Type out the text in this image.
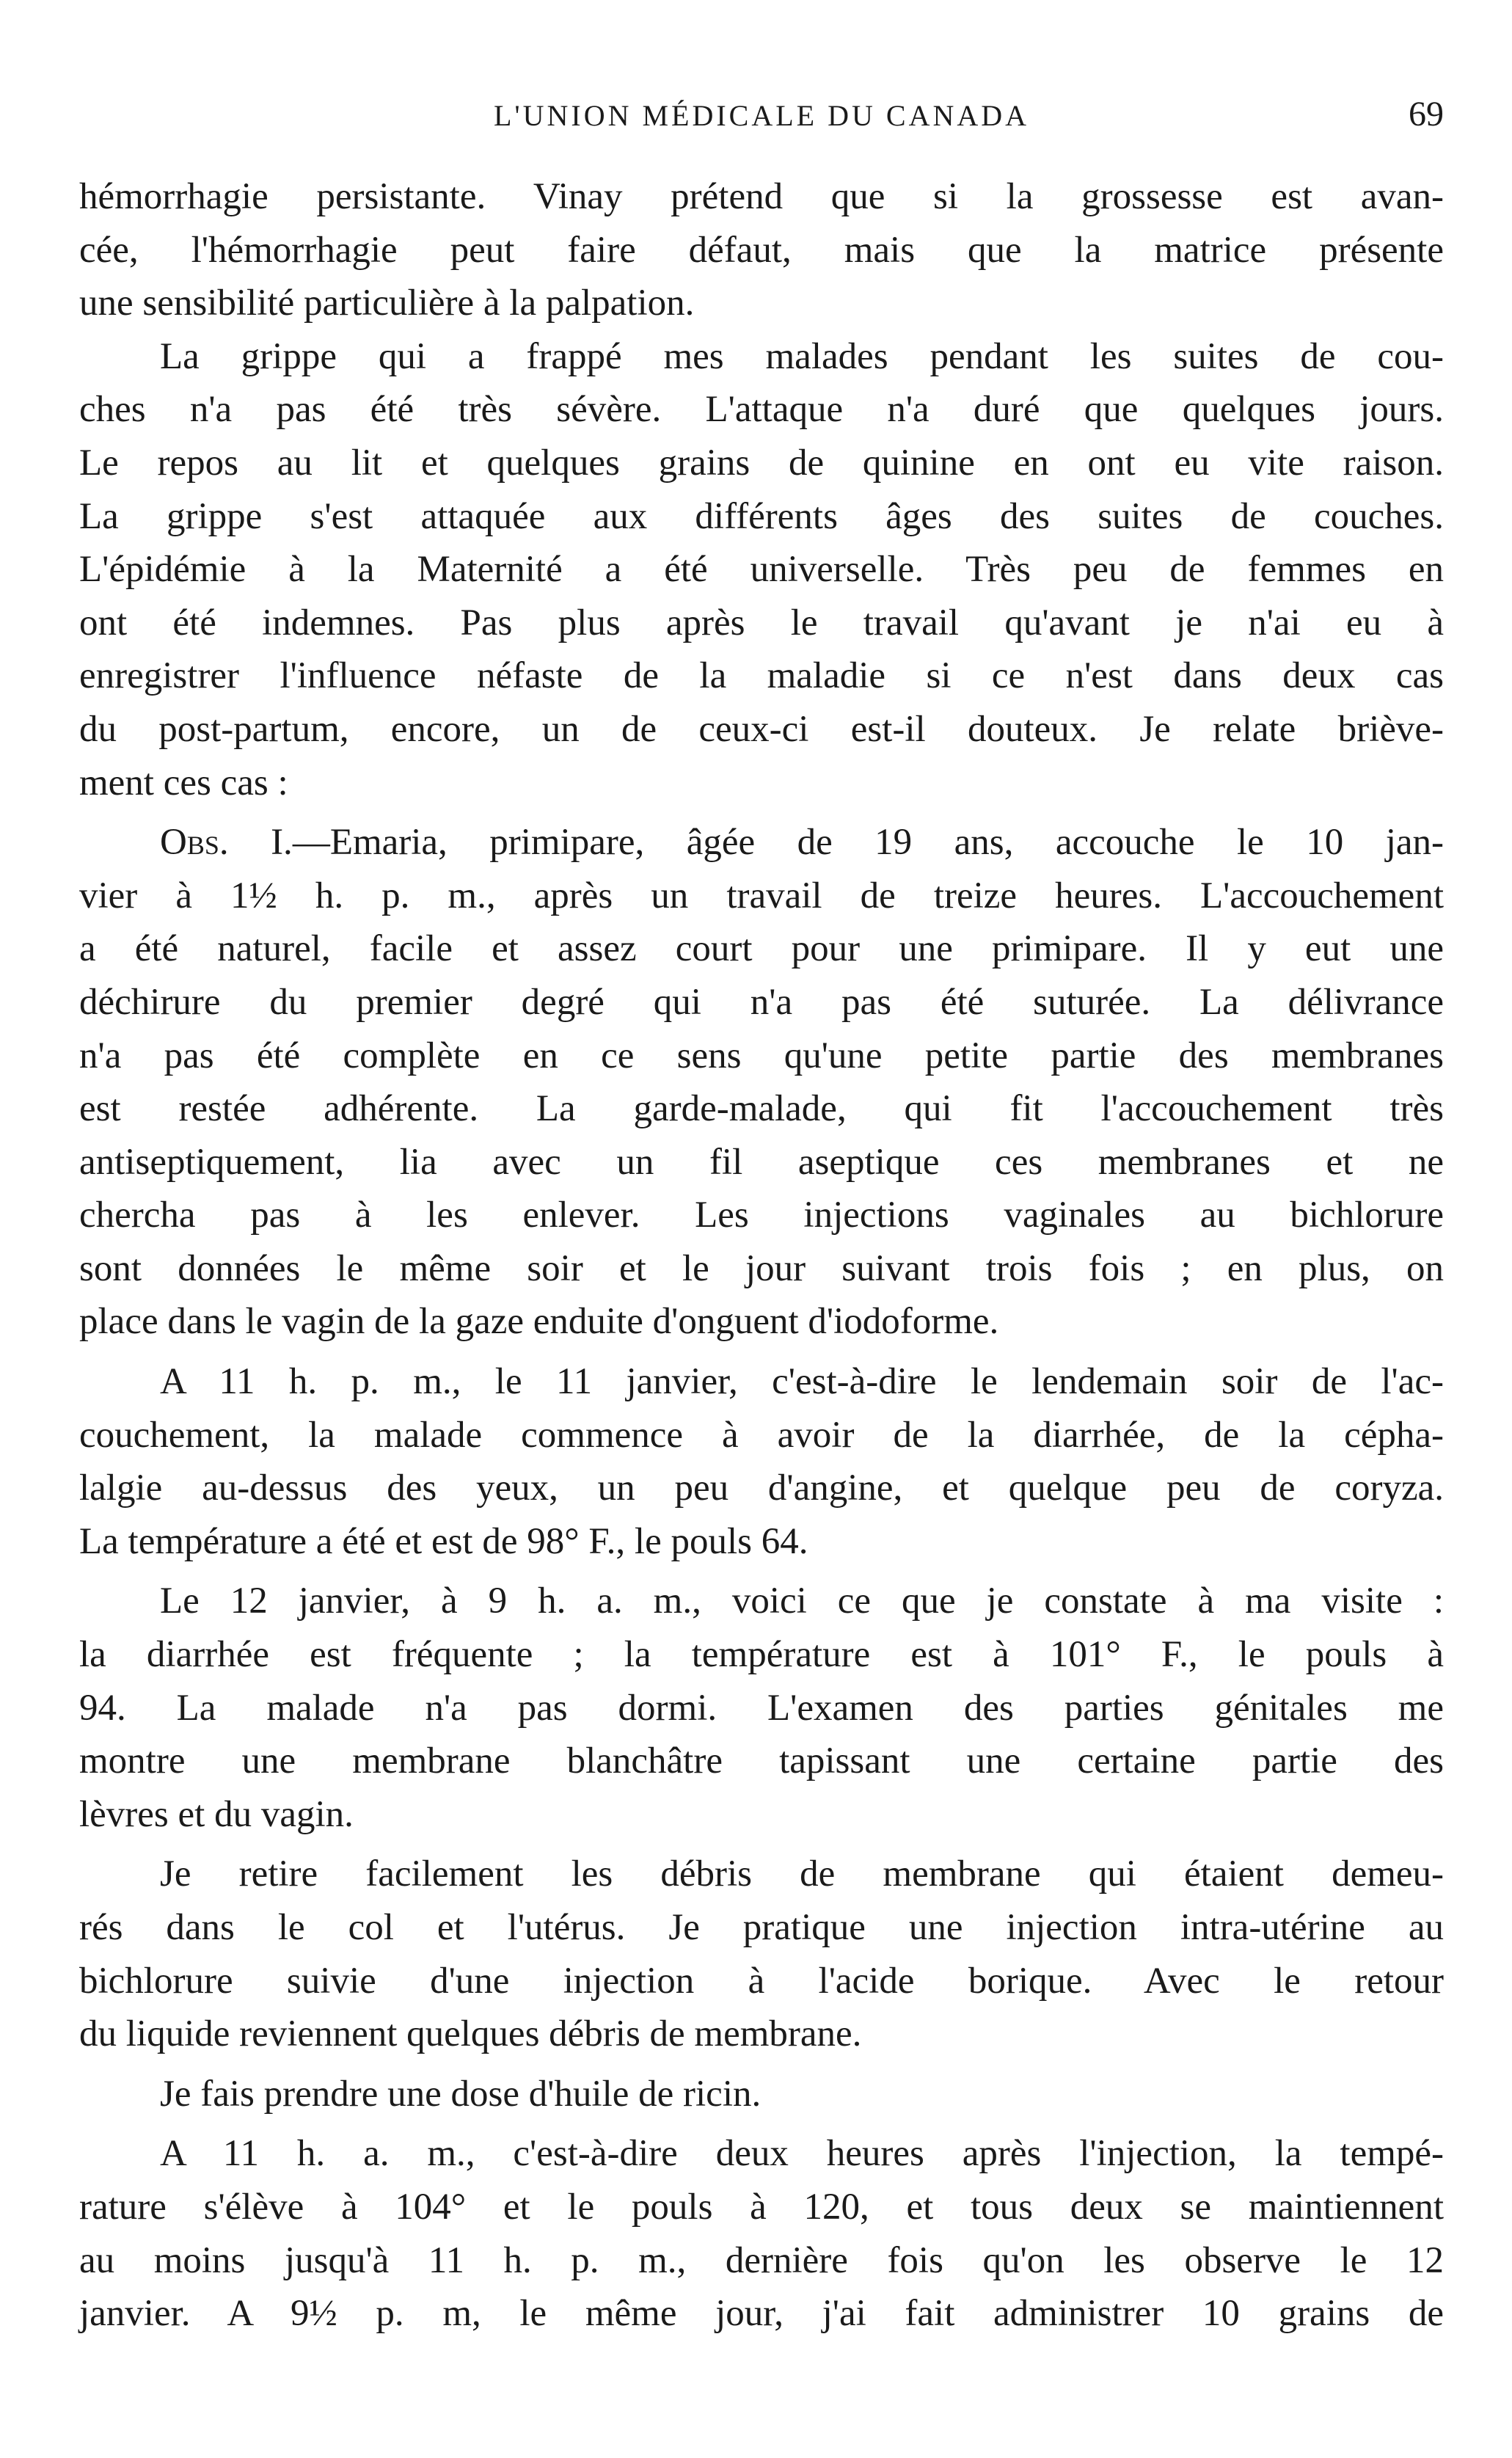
L'UNION MÉDICALE DU CANADA	69
hémorrhagie persistante. Vinay prétend que si la grossesse est avan-
cée, l'hémorrhagie peut faire défaut, mais que la matrice présente
une sensibilité particulière à la palpation.
La grippe qui a frappé mes malades pendant les suites de cou-
ches n'a pas été très sévère. L'attaque n'a duré que quelques jours.
Le repos au lit et quelques grains de quinine en ont eu vite raison.
La grippe s'est attaquée aux différents âges des suites de couches.
L'épidémie à la Maternité a été universelle. Très peu de femmes en
ont été indemnes. Pas plus après le travail qu'avant je n'ai eu à
enregistrer l'influence néfaste de la maladie si ce n'est dans deux cas
du post-partum, encore, un de ceux-ci est-il douteux. Je relate briève-
ment ces cas :
Obs. I.—Emaria, primipare, âgée de 19 ans, accouche le 10 jan-
vier à 1½ h. p. m., après un travail de treize heures. L'accouchement
a été naturel, facile et assez court pour une primipare. Il y eut une
déchirure du premier degré qui n'a pas été suturée. La délivrance
n'a pas été complète en ce sens qu'une petite partie des membranes
est restée adhérente. La garde-malade, qui fit l'accouchement très
antiseptiquement, lia avec un fil aseptique ces membranes et ne
chercha pas à les enlever. Les injections vaginales au bichlorure
sont données le même soir et le jour suivant trois fois ; en plus, on
place dans le vagin de la gaze enduite d'onguent d'iodoforme.
A 11 h. p. m., le 11 janvier, c'est-à-dire le lendemain soir de l'ac-
couchement, la malade commence à avoir de la diarrhée, de la cépha-
lalgie au-dessus des yeux, un peu d'angine, et quelque peu de coryza.
La température a été et est de 98° F., le pouls 64.
Le 12 janvier, à 9 h. a. m., voici ce que je constate à ma visite :
la diarrhée est fréquente ; la température est à 101° F., le pouls à
94. La malade n'a pas dormi. L'examen des parties génitales me
montre une membrane blanchâtre tapissant une certaine partie des
lèvres et du vagin.
Je retire facilement les débris de membrane qui étaient demeu-
rés dans le col et l'utérus. Je pratique une injection intra-utérine au
bichlorure suivie d'une injection à l'acide borique. Avec le retour
du liquide reviennent quelques débris de membrane.
Je fais prendre une dose d'huile de ricin.
A 11 h. a. m., c'est-à-dire deux heures après l'injection, la tempé-
rature s'élève à 104° et le pouls à 120, et tous deux se maintiennent
au moins jusqu'à 11 h. p. m., dernière fois qu'on les observe le 12
janvier. A 9½ p. m, le même jour, j'ai fait administrer 10 grains de
